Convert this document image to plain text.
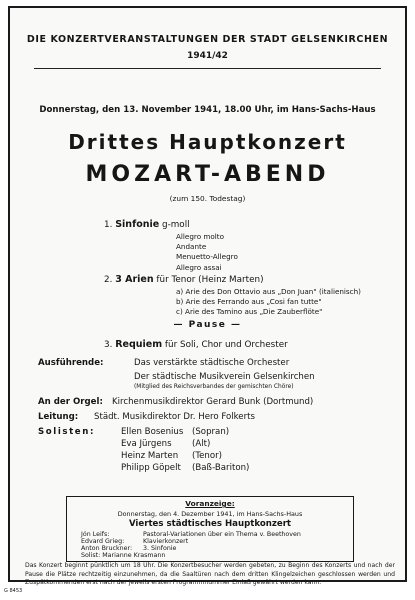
DIE KONZERTVERANSTALTUNGEN DER STADT GELSENKIRCHEN
1941/42
Donnerstag, den 13. November 1941, 18.00 Uhr, im Hans-Sachs-Haus
Drittes Hauptkonzert
MOZART-ABEND
(zum 150. Todestag)
1. Sinfonie g-moll
Allegro molto
Andante
Menuetto-Allegro
Allegro assai
2. 3 Arien für Tenor (Heinz Marten)
a) Arie des Don Ottavio aus „Don Juan" (italienisch)
b) Arie des Ferrando aus „Cosi fan tutte"
c) Arie des Tamino aus „Die Zauberflöte"
— Pause —
3. Requiem für Soli, Chor und Orchester
Ausführende:	Das verstärkte städtische Orchester
Der städtische Musikverein Gelsenkirchen
(Mitglied des Reichsverbandes der gemischten Chöre)
An der Orgel: Kirchenmusikdirektor Gerard Bunk (Dortmund)
Leitung: Städt. Musikdirektor Dr. Hero Folkerts
Solisten:	Ellen Bosenius (Sopran)
Eva Jürgens (Alt)
Heinz Marten (Tenor)
Philipp Göpelt (Baß-Bariton)
Voranzeige:
Donnerstag, den 4. Dezember 1941, im Hans-Sachs-Haus
Viertes städtisches Hauptkonzert
Jón Leifs:	Pastoral-Variationen über ein Thema v. Beethoven
Edvard Grieg:	Klavierkonzert
Anton Bruckner: 3. Sinfonie
Solist: Marianne Krasmann
Das Konzert beginnt pünktlich um 18 Uhr. Die Konzertbesucher werden gebeten, zu Beginn des Konzerts und nach der Pause die Plätze rechtzeitig einzunehmen, da die Saaltüren nach dem dritten Klingelzeichen geschlossen werden und Zuspätkommenden erst nach der jeweils ersten Programmnummer Einlaß gewährt werden kann.
G 8453
